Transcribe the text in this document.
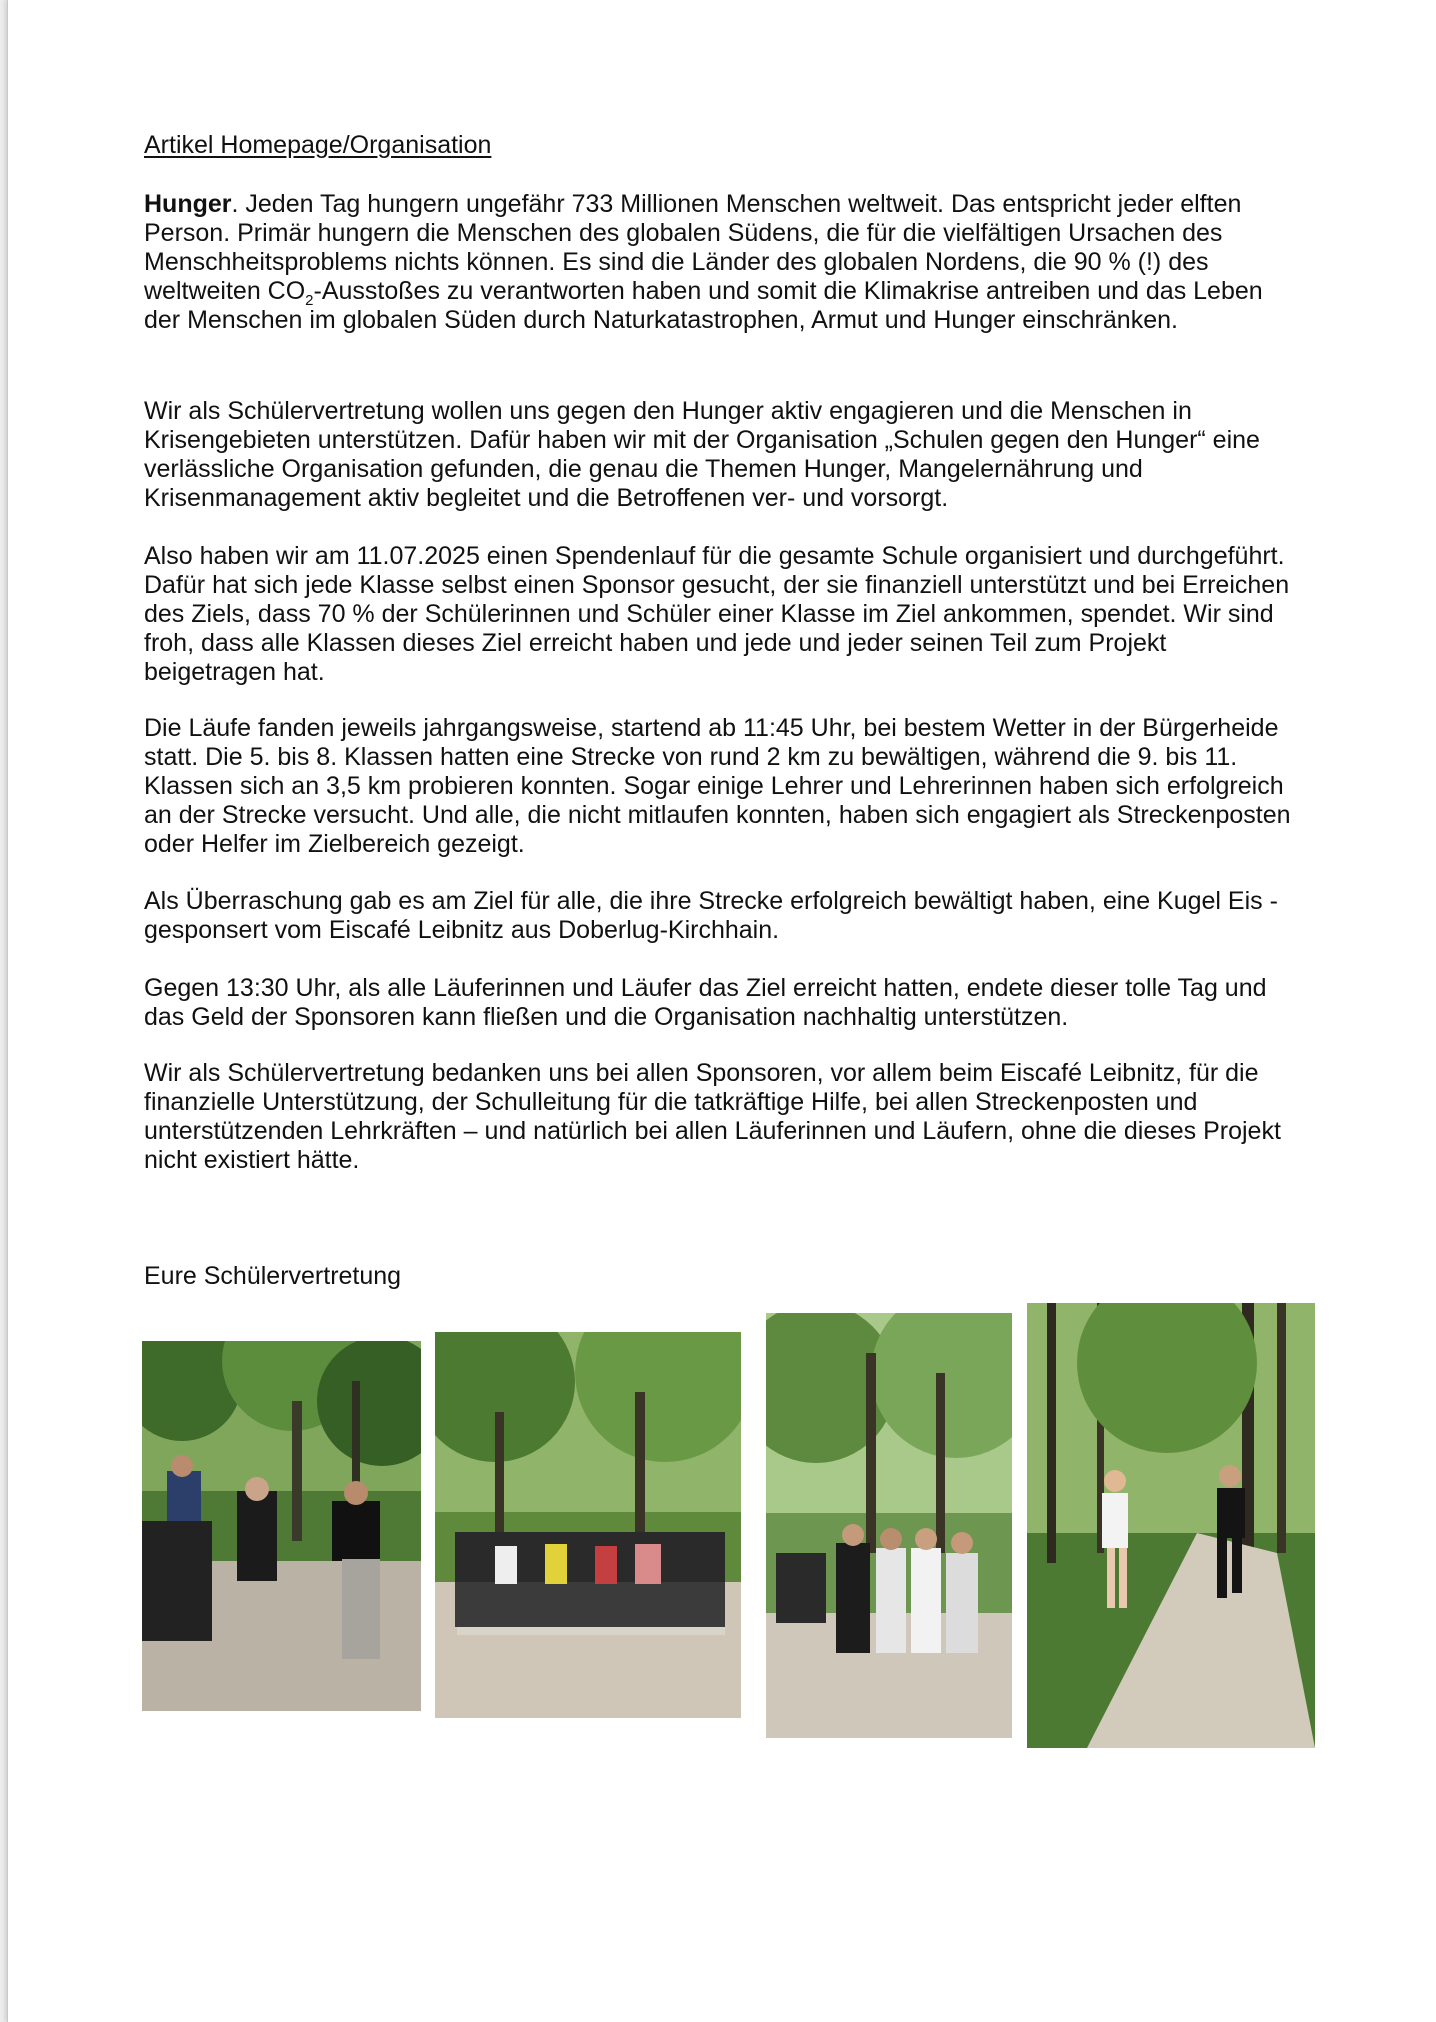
Artikel Homepage/Organisation

Hunger. Jeden Tag hungern ungefähr 733 Millionen Menschen weltweit. Das entspricht jeder elften Person. Primär hungern die Menschen des globalen Südens, die für die vielfältigen Ursachen des Menschheitsproblems nichts können. Es sind die Länder des globalen Nordens, die 90 % (!) des weltweiten $CO_2$-Ausstoßes zu verantworten haben und somit die Klimakrise antreiben und das Leben der Menschen im globalen Süden durch Naturkatastrophen, Armut und Hunger einschränken.

Wir als Schülervertretung wollen uns gegen den Hunger aktiv engagieren und die Menschen in Krisengebieten unterstützen. Dafür haben wir mit der Organisation „Schulen gegen den Hunger“ eine verlässliche Organisation gefunden, die genau die Themen Hunger, Mangelernährung und Krisenmanagement aktiv begleitet und die Betroffenen ver- und vorsorgt.

Also haben wir am 11.07.2025 einen Spendenlauf für die gesamte Schule organisiert und durchgeführt. Dafür hat sich jede Klasse selbst einen Sponsor gesucht, der sie finanziell unterstützt und bei Erreichen des Ziels, dass 70 % der Schülerinnen und Schüler einer Klasse im Ziel ankommen, spendet. Wir sind froh, dass alle Klassen dieses Ziel erreicht haben und jede und jeder seinen Teil zum Projekt beigetragen hat.

Die Läufe fanden jeweils jahrgangsweise, startend ab 11:45 Uhr, bei bestem Wetter in der Bürgerheide statt. Die 5. bis 8. Klassen hatten eine Strecke von rund 2 km zu bewältigen, während die 9. bis 11. Klassen sich an 3,5 km probieren konnten. Sogar einige Lehrer und Lehrerinnen haben sich erfolgreich an der Strecke versucht. Und alle, die nicht mitlaufen konnten, haben sich engagiert als Streckenposten oder Helfer im Zielbereich gezeigt.

Als Überraschung gab es am Ziel für alle, die ihre Strecke erfolgreich bewältigt haben, eine Kugel Eis - gesponsert vom Eiscafé Leibnitz aus Doberlug-Kirchhain.

Gegen 13:30 Uhr, als alle Läuferinnen und Läufer das Ziel erreicht hatten, endete dieser tolle Tag und das Geld der Sponsoren kann fließen und die Organisation nachhaltig unterstützen.

Wir als Schülervertretung bedanken uns bei allen Sponsoren, vor allem beim Eiscafé Leibnitz, für die finanzielle Unterstützung, der Schulleitung für die tatkräftige Hilfe, bei allen Streckenposten und unterstützenden Lehrkräften – und natürlich bei allen Läuferinnen und Läufern, ohne die dieses Projekt nicht existiert hätte.

Eure Schülervertretung
